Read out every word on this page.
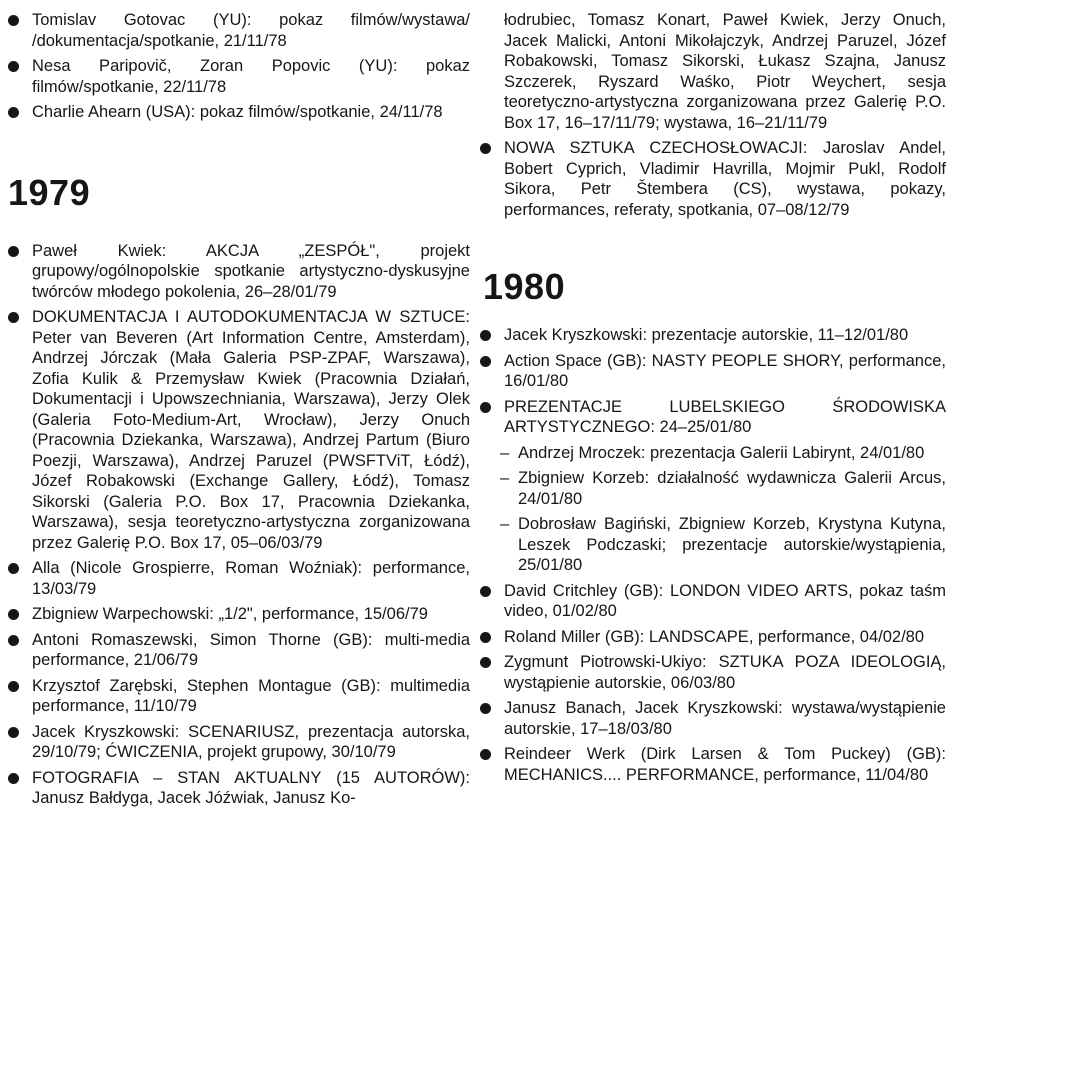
Tomislav Gotovac (YU): pokaz filmów/wystawa/ /dokumentacja/spotkanie, 21/11/78
Nesa Paripovič, Zoran Popovic (YU): pokaz filmów/spotkanie, 22/11/78
Charlie Ahearn (USA): pokaz filmów/spotkanie, 24/11/78
1979
Paweł Kwiek: AKCJA „ZESPÓŁ", projekt grupowy/ogólnopolskie spotkanie artystyczno-dyskusyjne twórców młodego pokolenia, 26–28/01/79
DOKUMENTACJA I AUTODOKUMENTACJA W SZTUCE: Peter van Beveren (Art Information Centre, Amsterdam), Andrzej Jórczak (Mała Galeria PSP-ZPAF, Warszawa), Zofia Kulik & Przemysław Kwiek (Pracownia Działań, Dokumentacji i Upowszechniania, Warszawa), Jerzy Olek (Galeria Foto-Medium-Art, Wrocław), Jerzy Onuch (Pracownia Dziekanka, Warszawa), Andrzej Partum (Biuro Poezji, Warszawa), Andrzej Paruzel (PWSFTViT, Łódź), Józef Robakowski (Exchange Gallery, Łódź), Tomasz Sikorski (Galeria P.O. Box 17, Pracownia Dziekanka, Warszawa), sesja teoretyczno-artystyczna zorganizowana przez Galerię P.O. Box 17, 05–06/03/79
Alla (Nicole Grospierre, Roman Woźniak): performance, 13/03/79
Zbigniew Warpechowski: „1/2", performance, 15/06/79
Antoni Romaszewski, Simon Thorne (GB): multi-media performance, 21/06/79
Krzysztof Zarębski, Stephen Montague (GB): multimedia performance, 11/10/79
Jacek Kryszkowski: SCENARIUSZ, prezentacja autorska, 29/10/79; ĆWICZENIA, projekt grupowy, 30/10/79
FOTOGRAFIA – STAN AKTUALNY (15 AUTORÓW): Janusz Bałdyga, Jacek Jóźwiak, Janusz Ko-
łodrubiec, Tomasz Konart, Paweł Kwiek, Jerzy Onuch, Jacek Malicki, Antoni Mikołajczyk, Andrzej Paruzel, Józef Robakowski, Tomasz Sikorski, Łukasz Szajna, Janusz Szczerek, Ryszard Waśko, Piotr Weychert, sesja teoretyczno-artystyczna zorganizowana przez Galerię P.O. Box 17, 16–17/11/79; wystawa, 16–21/11/79
NOWA SZTUKA CZECHOSŁOWACJI: Jaroslav Andel, Bobert Cyprich, Vladimir Havrilla, Mojmir Pukl, Rodolf Sikora, Petr Štembera (CS), wystawa, pokazy, performances, referaty, spotkania, 07–08/12/79
1980
Jacek Kryszkowski: prezentacje autorskie, 11–12/01/80
Action Space (GB): NASTY PEOPLE SHORY, performance, 16/01/80
PREZENTACJE LUBELSKIEGO ŚRODOWISKA ARTYSTYCZNEGO: 24–25/01/80
– Andrzej Mroczek: prezentacja Galerii Labirynt, 24/01/80
– Zbigniew Korzeb: działalność wydawnicza Galerii Arcus, 24/01/80
– Dobrosław Bagiński, Zbigniew Korzeb, Krystyna Kutyna, Leszek Podczaski; prezentacje autorskie/wystąpienia, 25/01/80
David Critchley (GB): LONDON VIDEO ARTS, pokaz taśm video, 01/02/80
Roland Miller (GB): LANDSCAPE, performance, 04/02/80
Zygmunt Piotrowski-Ukiyo: SZTUKA POZA IDEOLOGIĄ, wystąpienie autorskie, 06/03/80
Janusz Banach, Jacek Kryszkowski: wystawa/wystąpienie autorskie, 17–18/03/80
Reindeer Werk (Dirk Larsen & Tom Puckey) (GB): MECHANICS.... PERFORMANCE, performance, 11/04/80
